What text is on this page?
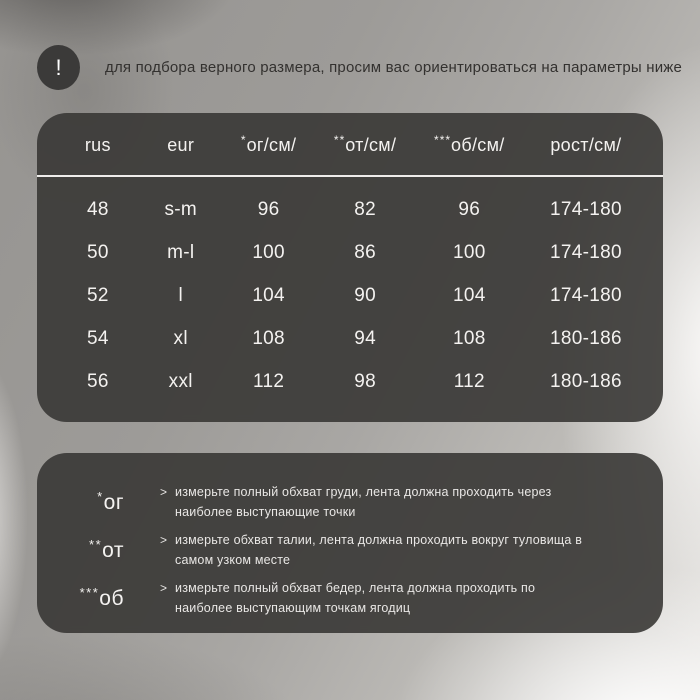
!	для подбора верного размера, просим вас ориентироваться на параметры ниже
rus	eur	*ог/см/	**от/см/	***об/см/	рост/см/
48	s-m	96	82	96	174-180
50	m-l	100	86	100	174-180
52	l	104	90	104	174-180
54	xl	108	94	108	180-186
56	xxl	112	98	112	180-186
*ог	> измерьте полный обхват груди, лента должна проходить через наиболее выступающие точки
**от	> измерьте обхват талии, лента должна проходить вокруг туловища в самом узком месте
***об	> измерьте полный обхват бедер, лента должна проходить по наиболее выступающим точкам ягодиц
